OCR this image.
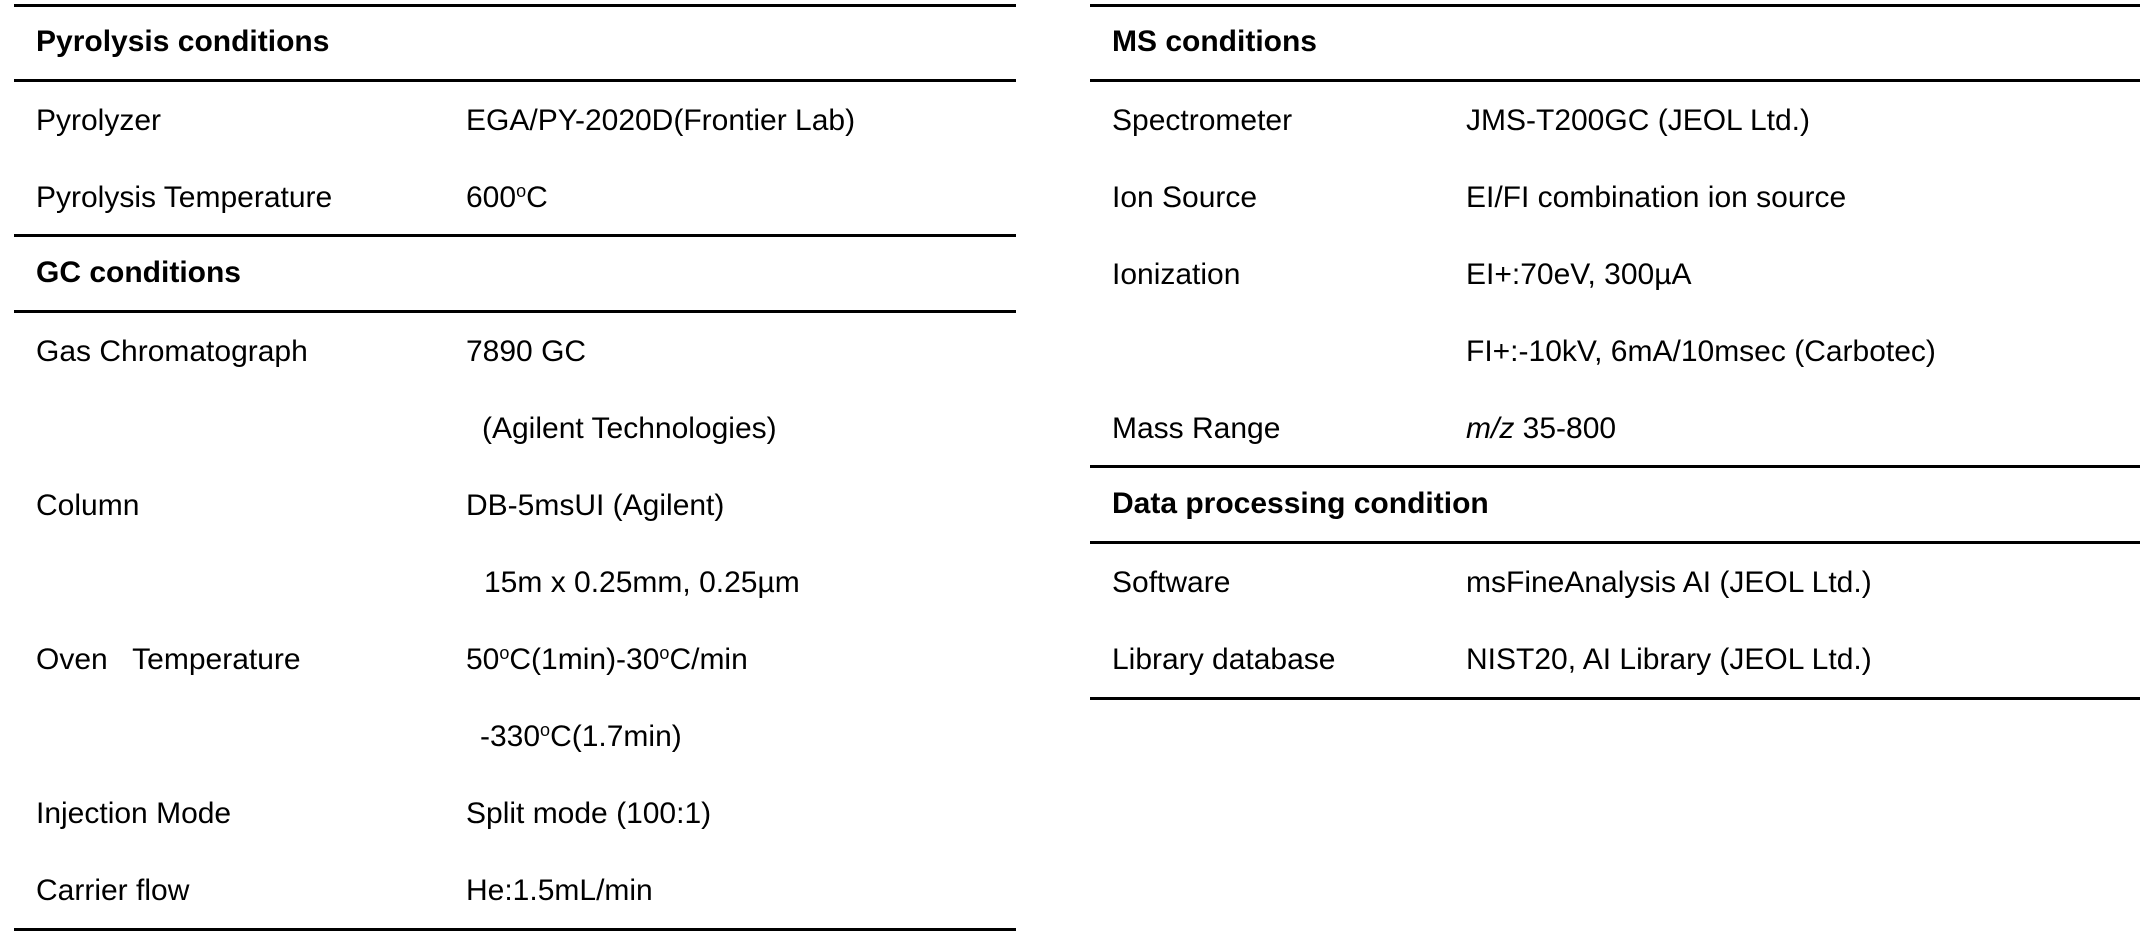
Pyrolysis conditions
Pyrolyzer	EGA/PY-2020D(Frontier Lab)
Pyrolysis Temperature	600$^o$C
GC conditions
Gas Chromatograph	7890 GC
(Agilent Technologies)
Column	DB-5msUI (Agilent)
15m x 0.25mm, 0.25µm
Oven   Temperature	50$^o$C(1min)-30$^o$C/min
-330$^o$C(1.7min)
Injection Mode	Split mode (100:1)
Carrier flow	He:1.5mL/min
MS conditions
Spectrometer	JMS-T200GC (JEOL Ltd.)
Ion Source	EI/FI combination ion source
Ionization	EI+:70eV, 300µA
FI+:-10kV, 6mA/10msec (Carbotec)
Mass Range	m/z 35-800
Data processing condition
Software	msFineAnalysis AI (JEOL Ltd.)
Library database	NIST20, AI Library (JEOL Ltd.)
